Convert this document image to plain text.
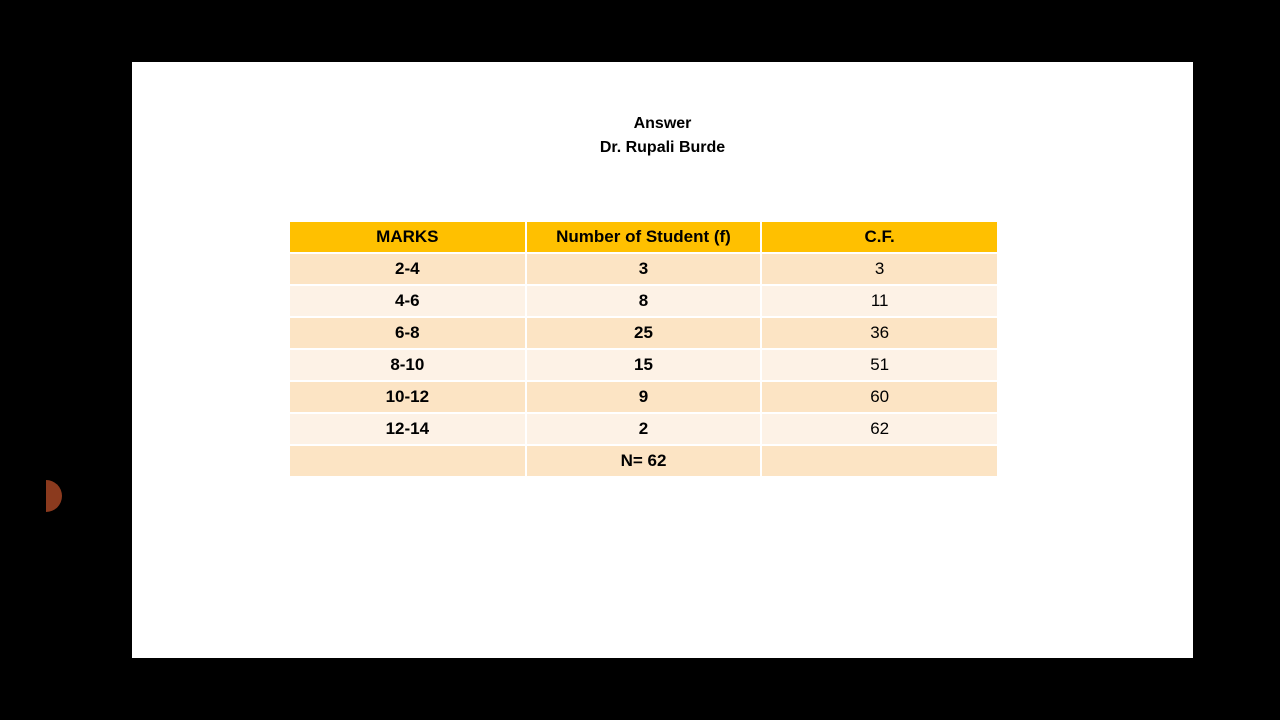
Answer
Dr. Rupali Burde
MARKS	Number of Student (f)	C.F.
2-4	3	3
4-6	8	11
6-8	25	36
8-10	15	51
10-12	9	60
12-14	2	62
	N= 62	
